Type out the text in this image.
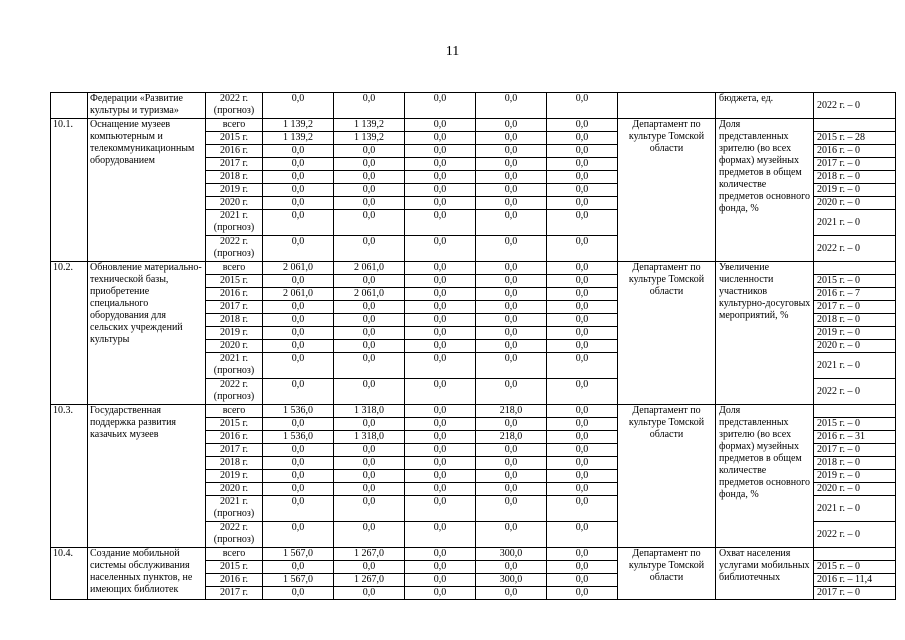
11
	Федерации «Развитие культуры и туризма»	2022 г. (прогноз)	0,0	0,0	0,0	0,0	0,0		бюджета, ед.	2022 г. – 0
10.1.	Оснащение музеев компьютерным и телекоммуникационным оборудованием	всего	1 139,2	1 139,2	0,0	0,0	0,0	Департамент по культуре Томской области	Доля представленных зрителю (во всех формах) музейных предметов в общем количестве предметов основного фонда, %	
		2015 г.	1 139,2	1 139,2	0,0	0,0	0,0			2015 г. – 28
		2016 г.	0,0	0,0	0,0	0,0	0,0			2016 г. – 0
		2017 г.	0,0	0,0	0,0	0,0	0,0			2017 г. – 0
		2018 г.	0,0	0,0	0,0	0,0	0,0			2018 г. – 0
		2019 г.	0,0	0,0	0,0	0,0	0,0			2019 г. – 0
		2020 г.	0,0	0,0	0,0	0,0	0,0			2020 г. – 0
		2021 г. (прогноз)	0,0	0,0	0,0	0,0	0,0			2021 г. – 0
		2022 г. (прогноз)	0,0	0,0	0,0	0,0	0,0			2022 г. – 0
10.2.	Обновление материально-технической базы, приобретение специального оборудования для сельских учреждений культуры	всего	2 061,0	2 061,0	0,0	0,0	0,0	Департамент по культуре Томской области	Увеличение численности участников культурно-досуговых мероприятий, %	
		2015 г.	0,0	0,0	0,0	0,0	0,0			2015 г. – 0
		2016 г.	2 061,0	2 061,0	0,0	0,0	0,0			2016 г. – 7
		2017 г.	0,0	0,0	0,0	0,0	0,0			2017 г. – 0
		2018 г.	0,0	0,0	0,0	0,0	0,0			2018 г. – 0
		2019 г.	0,0	0,0	0,0	0,0	0,0			2019 г. – 0
		2020 г.	0,0	0,0	0,0	0,0	0,0			2020 г. – 0
		2021 г. (прогноз)	0,0	0,0	0,0	0,0	0,0			2021 г. – 0
		2022 г. (прогноз)	0,0	0,0	0,0	0,0	0,0			2022 г. – 0
10.3.	Государственная поддержка развития казачьих музеев	всего	1 536,0	1 318,0	0,0	218,0	0,0	Департамент по культуре Томской области	Доля представленных зрителю (во всех формах) музейных предметов в общем количестве предметов основного фонда, %	
		2015 г.	0,0	0,0	0,0	0,0	0,0			2015 г. – 0
		2016 г.	1 536,0	1 318,0	0,0	218,0	0,0			2016 г. – 31
		2017 г.	0,0	0,0	0,0	0,0	0,0			2017 г. – 0
		2018 г.	0,0	0,0	0,0	0,0	0,0			2018 г. – 0
		2019 г.	0,0	0,0	0,0	0,0	0,0			2019 г. – 0
		2020 г.	0,0	0,0	0,0	0,0	0,0			2020 г. – 0
		2021 г. (прогноз)	0,0	0,0	0,0	0,0	0,0			2021 г. – 0
		2022 г. (прогноз)	0,0	0,0	0,0	0,0	0,0			2022 г. – 0
10.4.	Создание мобильной системы обслуживания населенных пунктов, не имеющих библиотек	всего	1 567,0	1 267,0	0,0	300,0	0,0	Департамент по культуре Томской области	Охват населения услугами мобильных библиотечных	
		2015 г.	0,0	0,0	0,0	0,0	0,0			2015 г. – 0
		2016 г.	1 567,0	1 267,0	0,0	300,0	0,0			2016 г. – 11,4
		2017 г.	0,0	0,0	0,0	0,0	0,0			2017 г. – 0
